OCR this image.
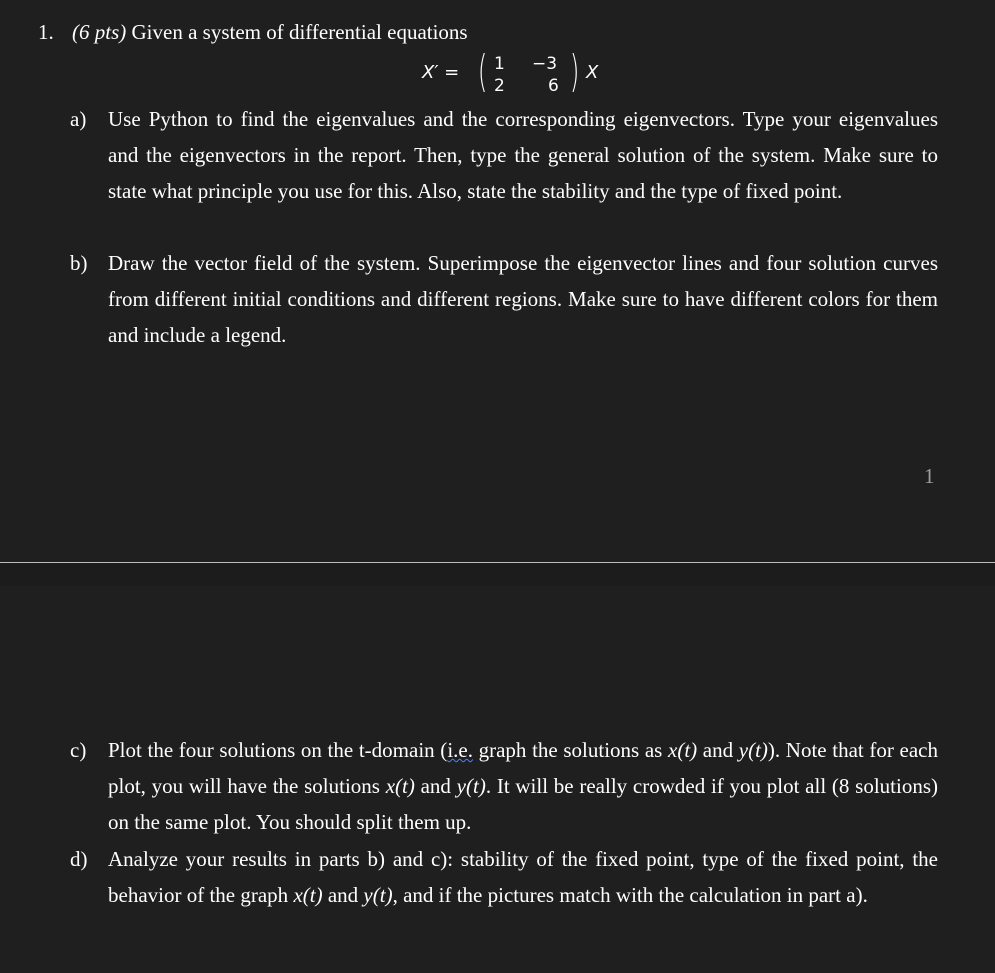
1. (6 pts) Given a system of differential equations
X′ = ( 1 −3
2	6 ) X
a) Use Python to find the eigenvalues and the corresponding eigenvectors. Type your eigenvalues and the eigenvectors in the report. Then, type the general solution of the system. Make sure to state what principle you use for this. Also, state the stability and the type of fixed point.
b) Draw the vector field of the system. Superimpose the eigenvector lines and four solution curves from different initial conditions and different regions. Make sure to have different colors for them and include a legend.
1
c) Plot the four solutions on the t-domain (i.e. graph the solutions as x(t) and y(t)). Note that for each plot, you will have the solutions x(t) and y(t). It will be really crowded if you plot all (8 solutions) on the same plot. You should split them up.
d) Analyze your results in parts b) and c): stability of the fixed point, type of the fixed point, the behavior of the graph x(t) and y(t), and if the pictures match with the calculation in part a).
